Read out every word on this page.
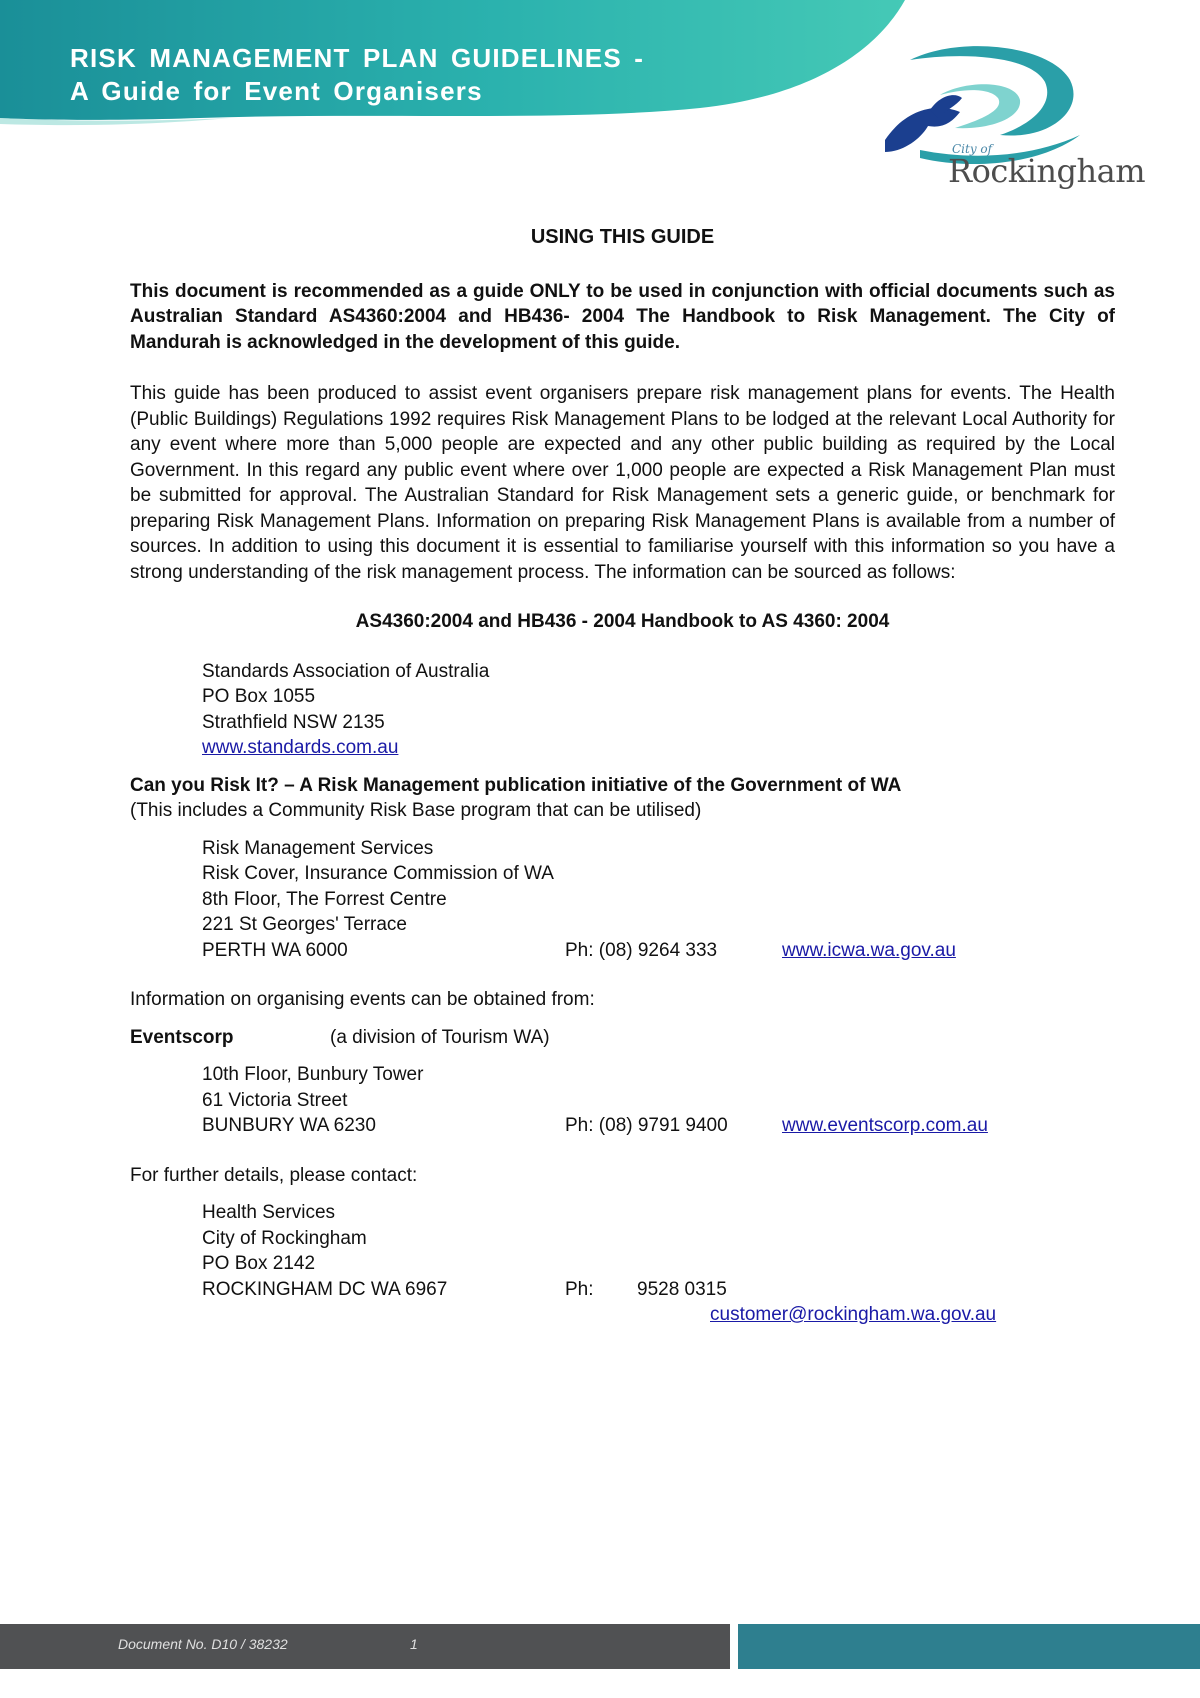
RISK MANAGEMENT PLAN GUIDELINES -
A Guide for Event Organisers
City of
Rockingham
USING THIS GUIDE

This document is recommended as a guide ONLY to be used in conjunction with official documents such as Australian Standard AS4360:2004 and HB436- 2004 The Handbook to Risk Management. The City of Mandurah is acknowledged in the development of this guide.

This guide has been produced to assist event organisers prepare risk management plans for events. The Health (Public Buildings) Regulations 1992 requires Risk Management Plans to be lodged at the relevant Local Authority for any event where more than 5,000 people are expected and any other public building as required by the Local Government. In this regard any public event where over 1,000 people are expected a Risk Management Plan must be submitted for approval. The Australian Standard for Risk Management sets a generic guide, or benchmark for preparing Risk Management Plans. Information on preparing Risk Management Plans is available from a number of sources. In addition to using this document it is essential to familiarise yourself with this information so you have a strong understanding of the risk management process. The information can be sourced as follows:

AS4360:2004 and HB436 - 2004 Handbook to AS 4360: 2004
Standards Association of Australia
PO Box 1055
Strathfield NSW 2135
www.standards.com.au
Can you Risk It? – A Risk Management publication initiative of the Government of WA
(This includes a Community Risk Base program that can be utilised)
Risk Management Services
Risk Cover, Insurance Commission of WA
8th Floor, The Forrest Centre
221 St Georges' Terrace
PERTH WA 6000	Ph: (08) 9264 333	www.icwa.wa.gov.au
Information on organising events can be obtained from:
Eventscorp	(a division of Tourism WA)
10th Floor, Bunbury Tower
61 Victoria Street
BUNBURY WA 6230	Ph: (08) 9791 9400	www.eventscorp.com.au
For further details, please contact:
Health Services
City of Rockingham
PO Box 2142
ROCKINGHAM DC WA 6967	Ph: 9528 0315
customer@rockingham.wa.gov.au
Document No. D10 / 38232	1
